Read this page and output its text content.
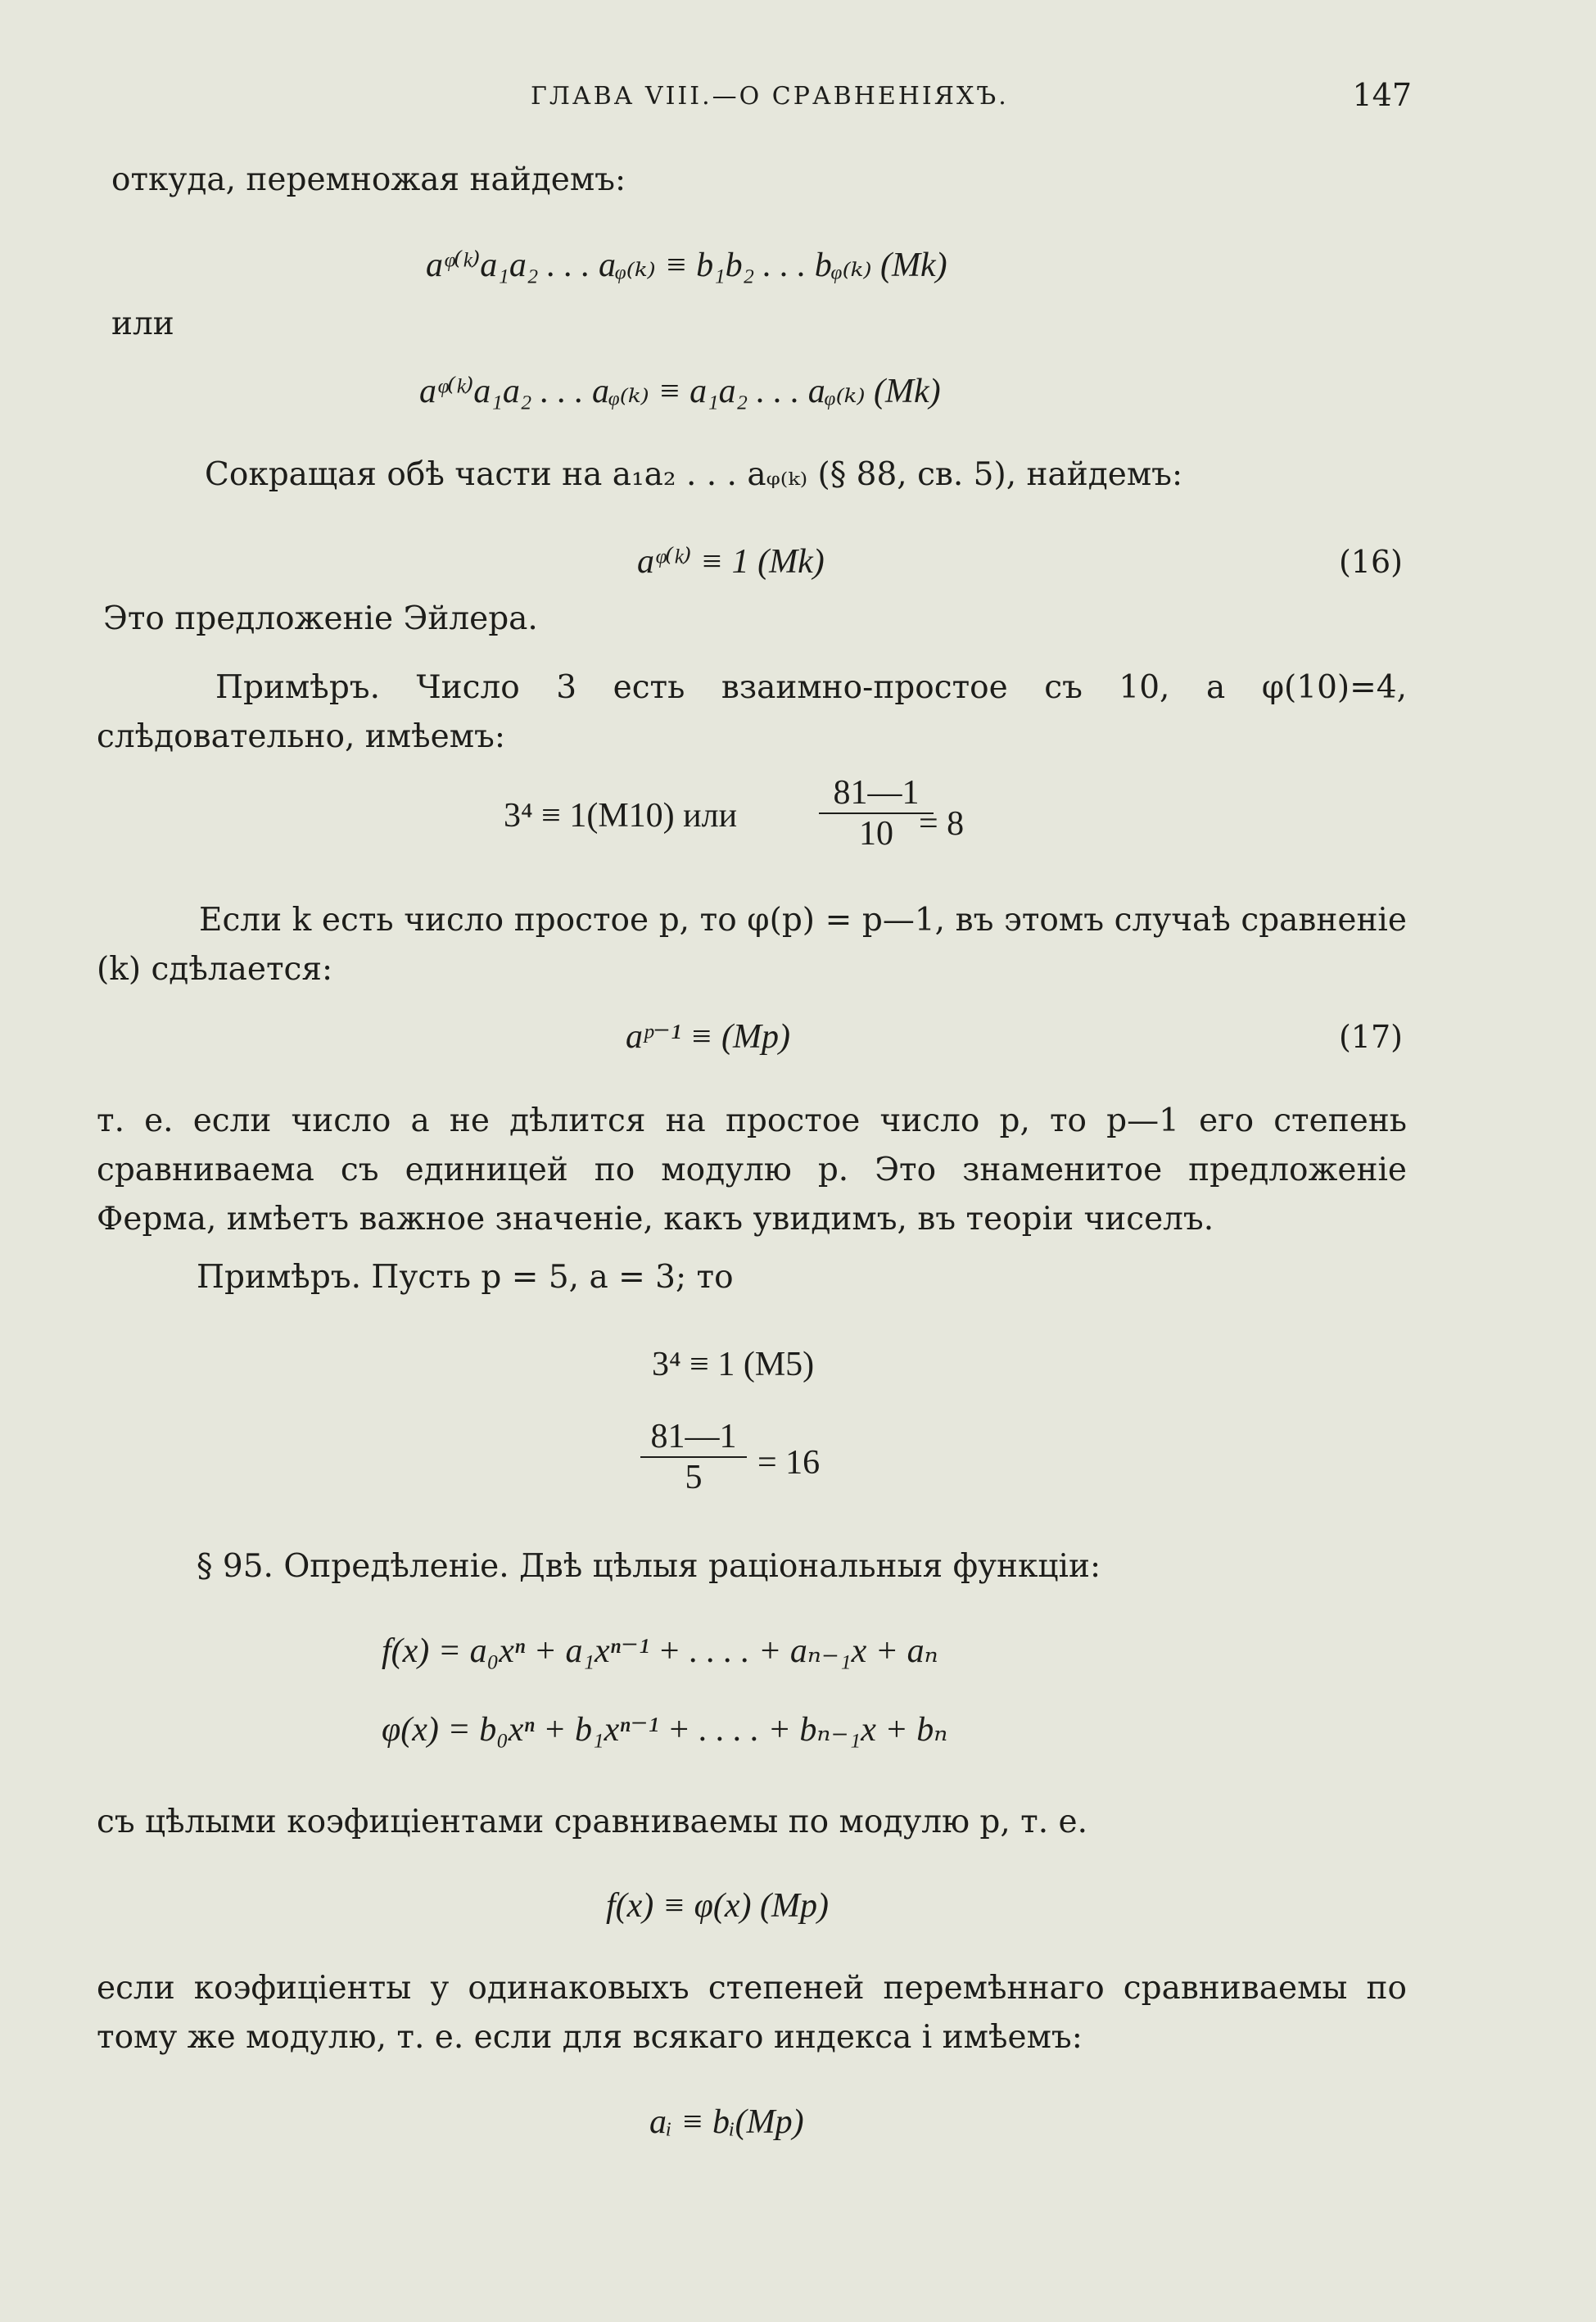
ГЛАВА VIII.—О СРАВНЕНІЯХЪ.	147
откуда, перемножая найдемъ:
aᵠ⁽ᵏ⁾a₁a₂ . . . aᵩ₍ₖ₎ ≡ b₁b₂ . . . bᵩ₍ₖ₎ (Mk)
или
aᵠ⁽ᵏ⁾a₁a₂ . . . aᵩ₍ₖ₎ ≡ a₁a₂ . . . aᵩ₍ₖ₎ (Mk)
Сокращая обѣ части на a₁a₂ . . . aᵩ₍ₖ₎ (§ 88, св. 5), найдемъ:
aᵠ⁽ᵏ⁾ ≡ 1 (Mk)	(16)
Это предложеніе Эйлера.
Примѣръ. Число 3 есть взаимно-простое съ 10, а φ(10)=4, слѣдовательно, имѣемъ:
3⁴ ≡ 1(M10) или $\frac{81—1}{10}$
= 8
Если k есть число простое p, то φ(p) = p—1, въ этомъ случаѣ сравненіе (k) сдѣлается:
aᵖ⁻¹ ≡ (Mp)	(17)
т. е. если число a не дѣлится на простое число p, то p—1 его степень сравниваема съ единицей по модулю p. Это знаменитое предложеніе Ферма, имѣетъ важное значеніе, какъ увидимъ, въ теоріи чиселъ.
Примѣръ. Пусть p = 5, a = 3; то
3⁴ ≡ 1 (M5)
$\frac{81—1}{5} = 16$
§ 95. Опредѣленіе. Двѣ цѣлыя раціональныя функціи:
f(x) = a₀xⁿ + a₁xⁿ⁻¹ + . . . . + aₙ₋₁x + aₙ
φ(x) = b₀xⁿ + b₁xⁿ⁻¹ + . . . . + bₙ₋₁x + bₙ
съ цѣлыми коэфиціентами сравниваемы по модулю p, т. е.
f(x) ≡ φ(x) (Mp)
если коэфиціенты у одинаковыхъ степеней перемѣннаго сравниваемы по тому же модулю, т. е. если для всякаго индекса i имѣемъ:
aᵢ ≡ bᵢ(Mp)
